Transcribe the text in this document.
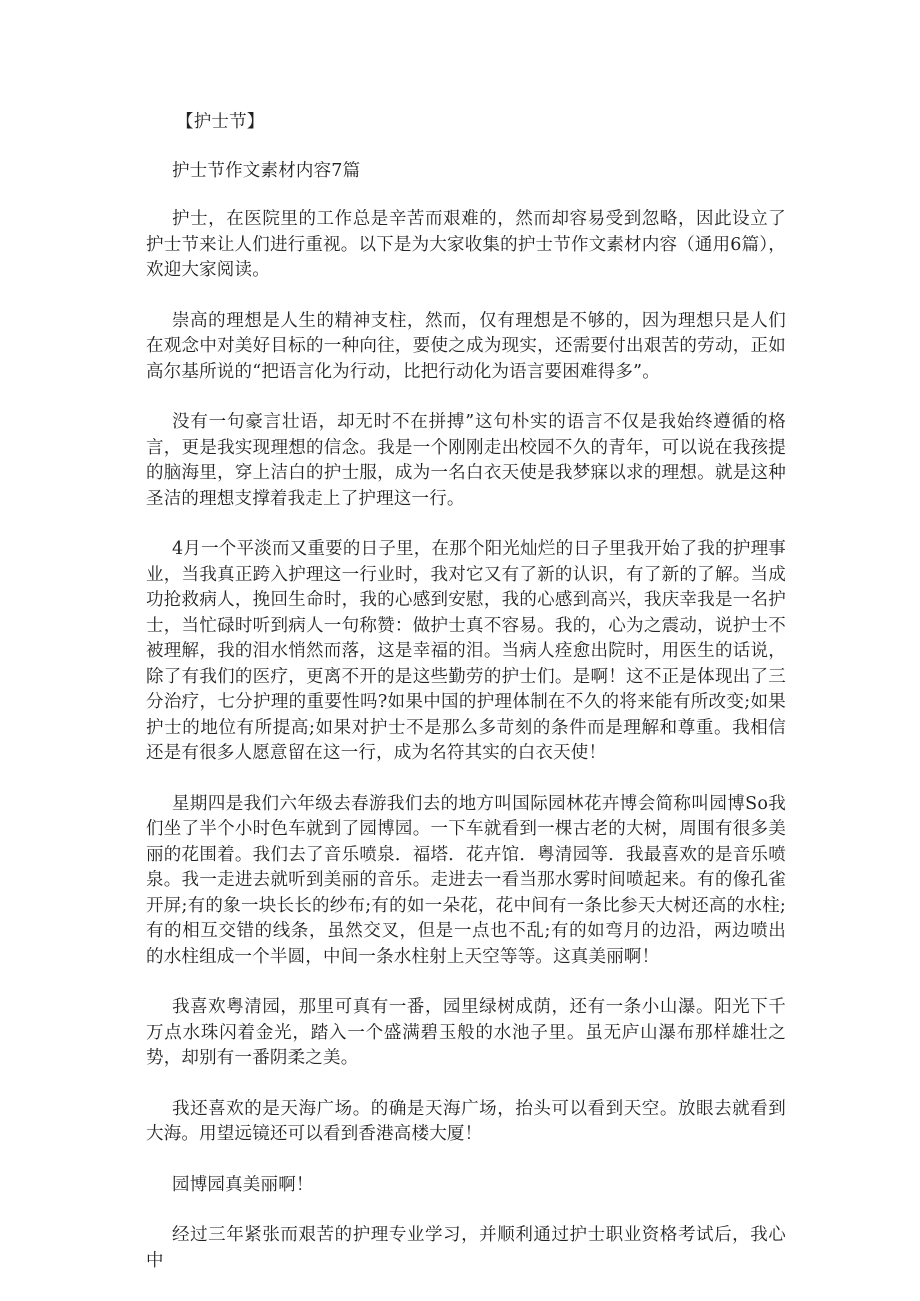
【护士节】

护士节作文素材内容7篇

护士，在医院里的工作总是辛苦而艰难的，然而却容易受到忽略，因此设立了护士节来让人们进行重视。以下是为大家收集的护士节作文素材内容（通用6篇），欢迎大家阅读。

崇高的理想是人生的精神支柱，然而，仅有理想是不够的，因为理想只是人们在观念中对美好目标的一种向往，要使之成为现实，还需要付出艰苦的劳动，正如高尔基所说的“把语言化为行动，比把行动化为语言要困难得多”。

没有一句豪言壮语，却无时不在拼搏”这句朴实的语言不仅是我始终遵循的格言，更是我实现理想的信念。我是一个刚刚走出校园不久的青年，可以说在我孩提的脑海里，穿上洁白的护士服，成为一名白衣天使是我梦寐以求的理想。就是这种圣洁的理想支撑着我走上了护理这一行。

4月一个平淡而又重要的日子里，在那个阳光灿烂的日子里我开始了我的护理事业，当我真正跨入护理这一行业时，我对它又有了新的认识，有了新的了解。当成功抢救病人，挽回生命时，我的心感到安慰，我的心感到高兴，我庆幸我是一名护士，当忙碌时听到病人一句称赞：做护士真不容易。我的，心为之震动，说护士不被理解，我的泪水悄然而落，这是幸福的泪。当病人痊愈出院时，用医生的话说，除了有我们的医疗，更离不开的是这些勤劳的护士们。是啊！这不正是体现出了三分治疗，七分护理的重要性吗?如果中国的护理体制在不久的将来能有所改变;如果护士的地位有所提高;如果对护士不是那么多苛刻的条件而是理解和尊重。我相信还是有很多人愿意留在这一行，成为名符其实的白衣天使！

星期四是我们六年级去春游我们去的地方叫国际园林花卉博会简称叫园博So我们坐了半个小时色车就到了园博园。一下车就看到一棵古老的大树，周围有很多美丽的花围着。我们去了音乐喷泉．福塔．花卉馆．粤清园等．我最喜欢的是音乐喷泉。我一走进去就听到美丽的音乐。走进去一看当那水雾时间喷起来。有的像孔雀开屏;有的象一块长长的纱布;有的如一朵花，花中间有一条比参天大树还高的水柱;有的相互交错的线条，虽然交叉，但是一点也不乱;有的如弯月的边沿，两边喷出的水柱组成一个半圆，中间一条水柱射上天空等等。这真美丽啊！

我喜欢粤清园，那里可真有一番，园里绿树成荫，还有一条小山瀑。阳光下千万点水珠闪着金光，踏入一个盛满碧玉般的水池子里。虽无庐山瀑布那样雄壮之势，却别有一番阴柔之美。

我还喜欢的是天海广场。的确是天海广场，抬头可以看到天空。放眼去就看到大海。用望远镜还可以看到香港高楼大厦！

园博园真美丽啊！

经过三年紧张而艰苦的护理专业学习，并顺利通过护士职业资格考试后，我心中
